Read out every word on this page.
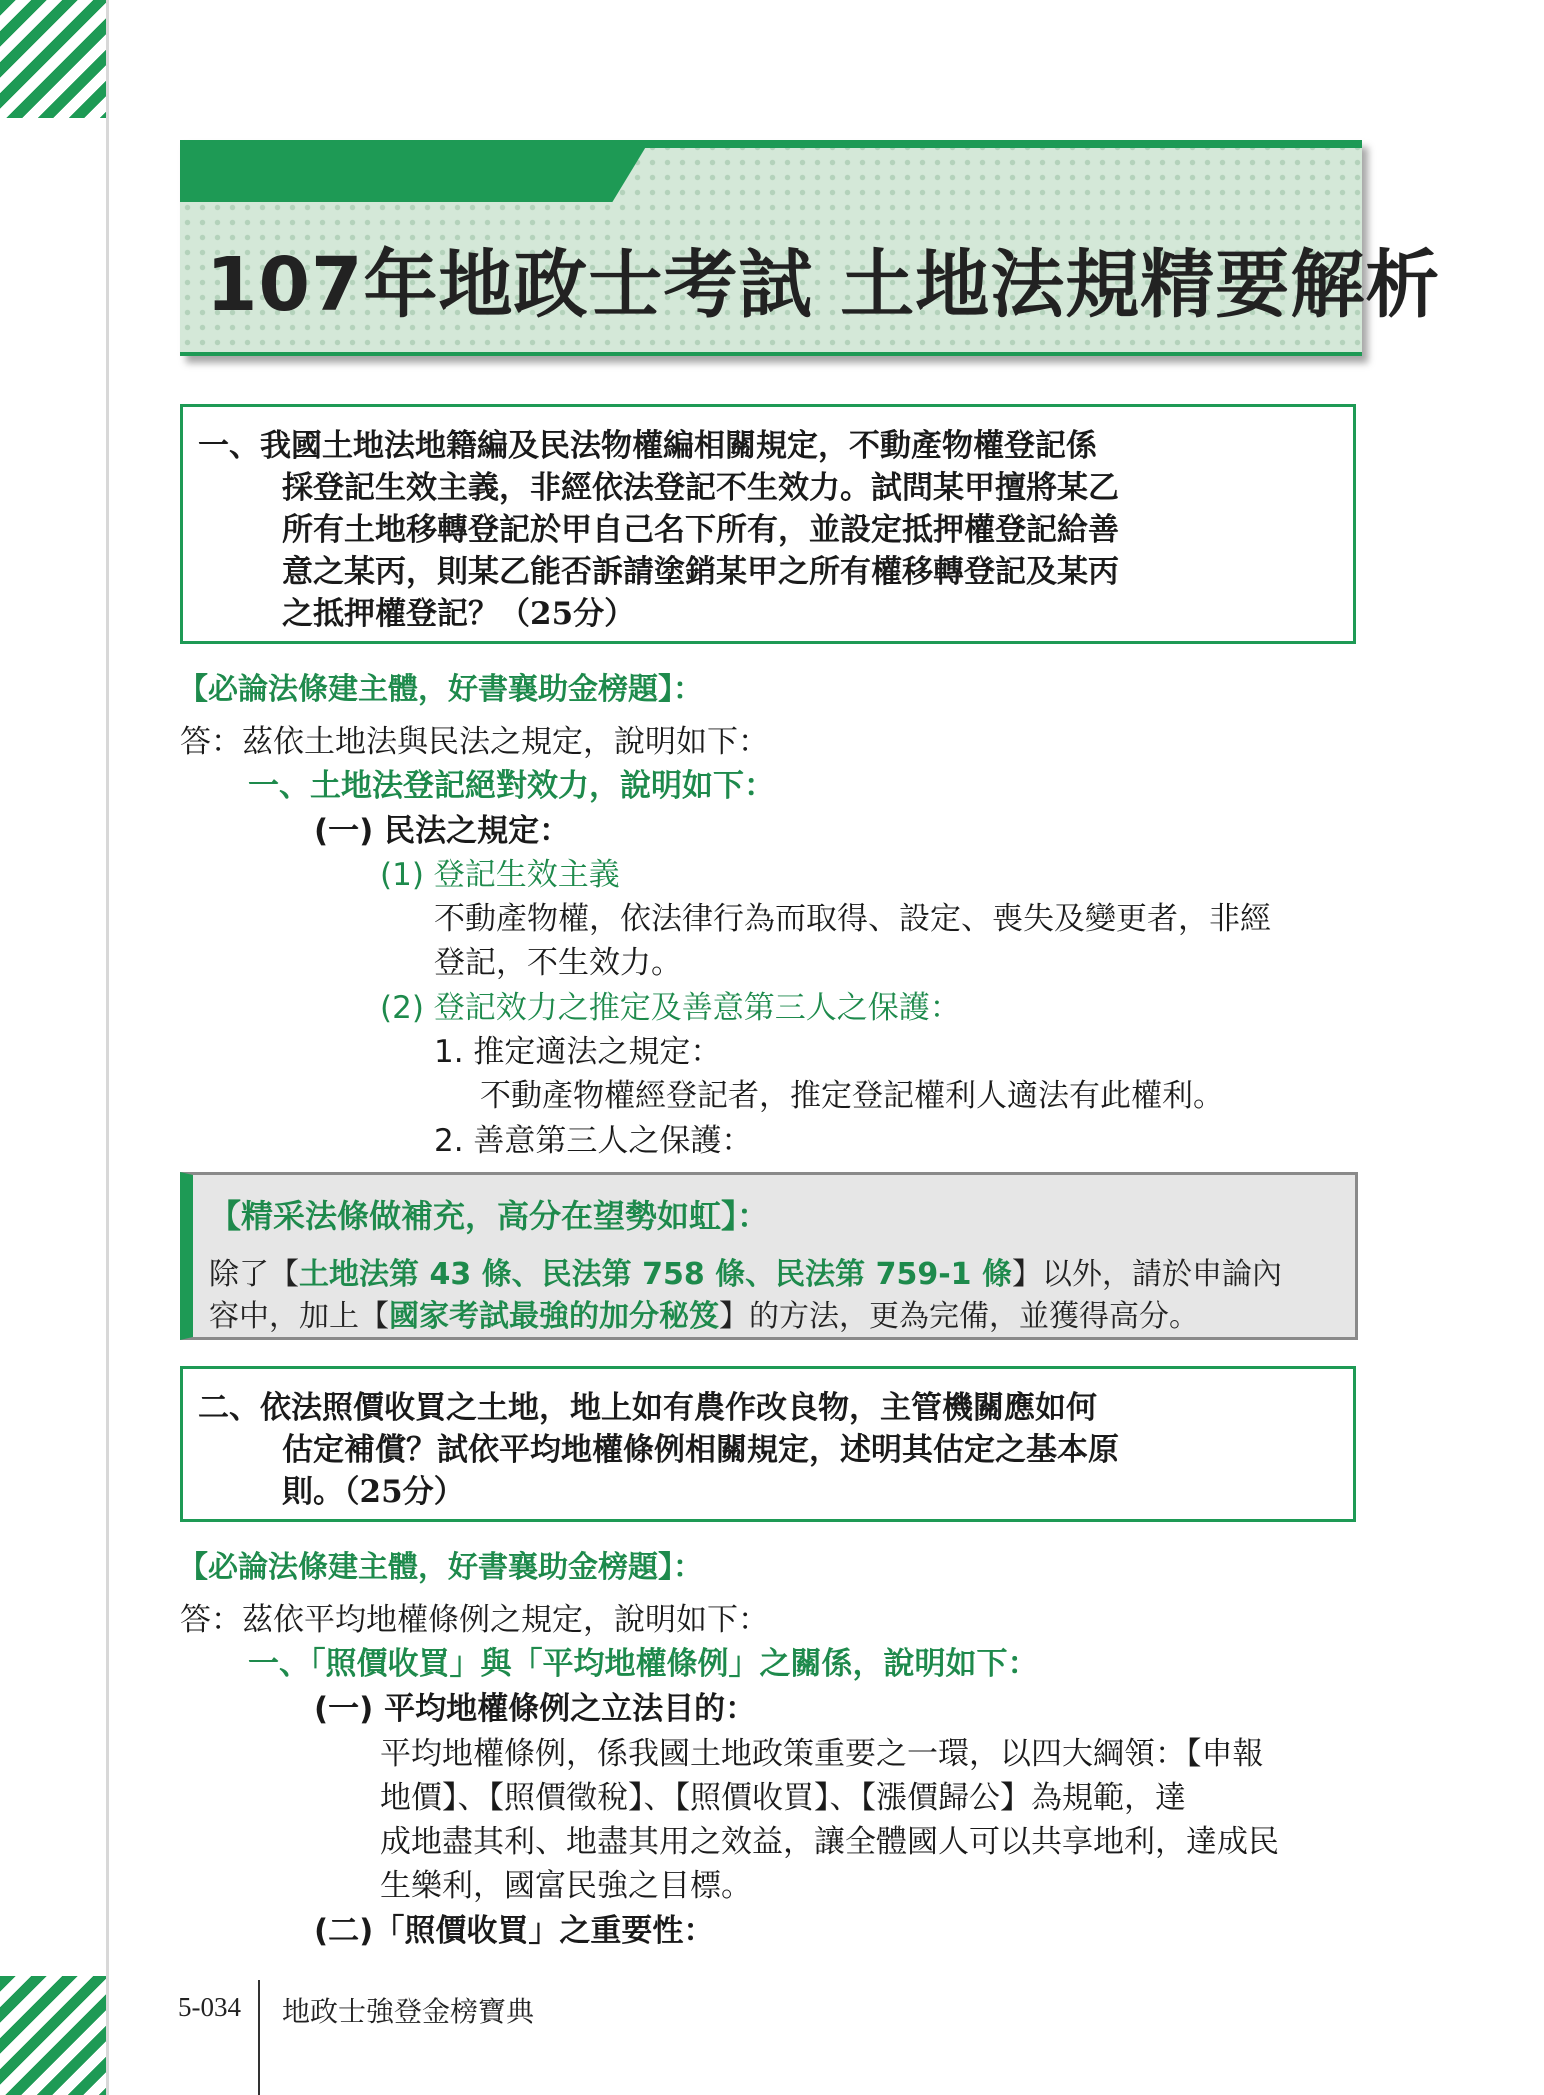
107年地政士考試 土地法規精要解析
一、我國土地法地籍編及民法物權編相關規定，不動產物權登記係
採登記生效主義，非經依法登記不生效力。試問某甲擅將某乙
所有土地移轉登記於甲自己名下所有，並設定抵押權登記給善
意之某丙，則某乙能否訴請塗銷某甲之所有權移轉登記及某丙
之抵押權登記？（25分）
【必論法條建主體，好書襄助金榜題】：
答：茲依土地法與民法之規定，說明如下：
一、土地法登記絕對效力，說明如下：
(一) 民法之規定：
(1) 登記生效主義
不動產物權，依法律行為而取得、設定、喪失及變更者，非經
登記，不生效力。
(2) 登記效力之推定及善意第三人之保護：
1. 推定適法之規定：
不動產物權經登記者，推定登記權利人適法有此權利。
2. 善意第三人之保護：
【精采法條做補充，高分在望勢如虹】：
除了【土地法第 43 條、民法第 758 條、民法第 759-1 條】以外，請於申論內
容中，加上【國家考試最強的加分秘笈】的方法，更為完備，並獲得高分。
二、依法照價收買之土地，地上如有農作改良物，主管機關應如何
估定補償？試依平均地權條例相關規定，述明其估定之基本原
則。（25分）
【必論法條建主體，好書襄助金榜題】：
答：茲依平均地權條例之規定，說明如下：
一、「照價收買」與「平均地權條例」之關係，說明如下：
(一) 平均地權條例之立法目的：
平均地權條例，係我國土地政策重要之一環，以四大綱領：【申報
地價】、【照價徵稅】、【照價收買】、【漲價歸公】為規範，達
成地盡其利、地盡其用之效益，讓全體國人可以共享地利，達成民
生樂利，國富民強之目標。
(二)「照價收買」之重要性：
5-034 地政士強登金榜寶典
